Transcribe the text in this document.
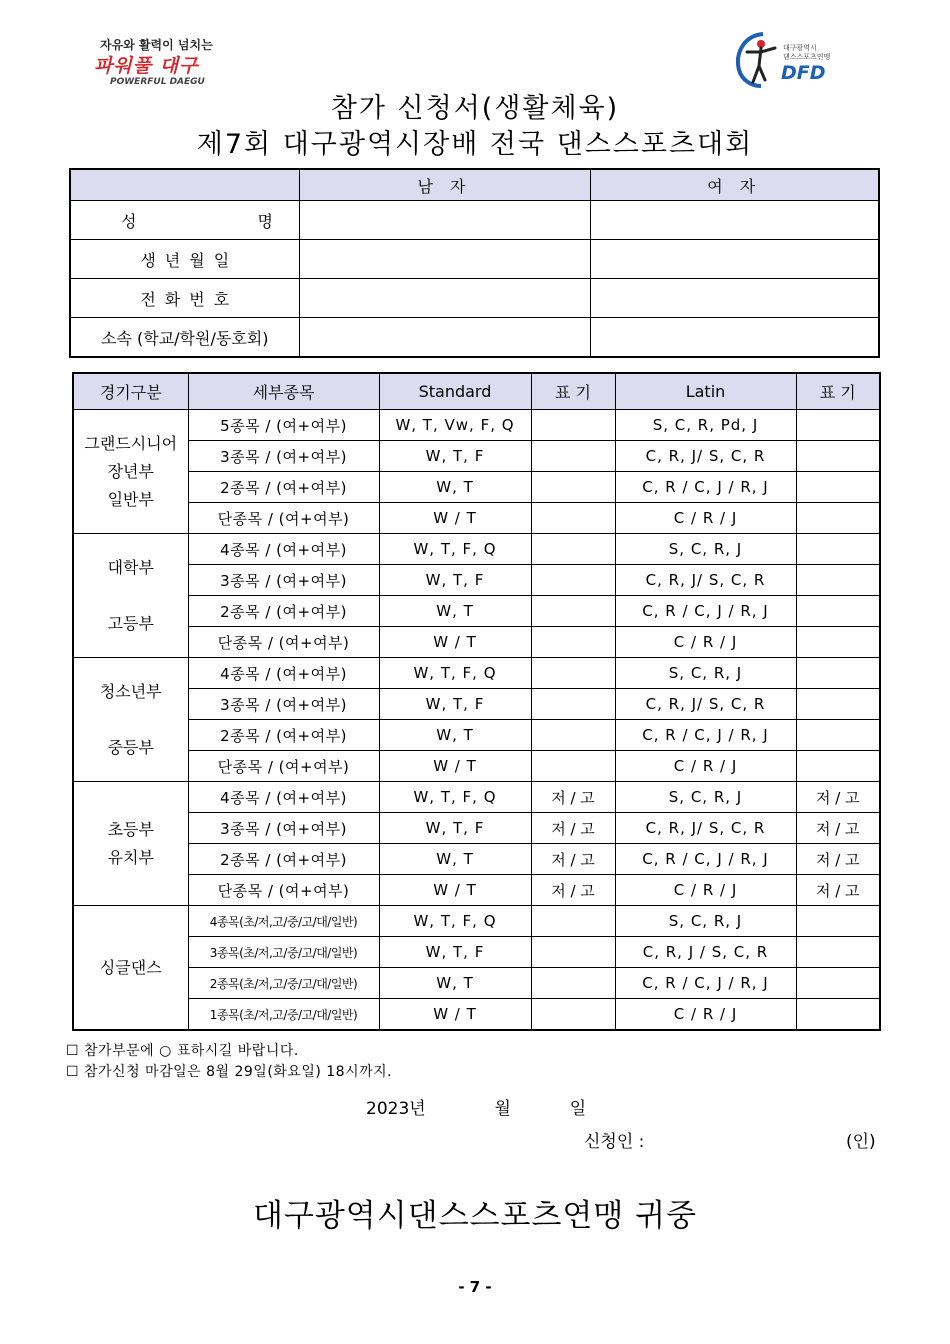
자유와 활력이 넘치는
파워풀 대구
POWERFUL DAEGU
대구광역시
댄스스포츠연맹
DFD
참가 신청서(생활체육)
제7회 대구광역시장배 전국 댄스스포츠대회
	남 자	여 자
성 명		
생년월일		
전화번호		
소속 (학교/학원/동호회)		
경기구분	세부종목	Standard	표 기	Latin	표 기

그랜드시니어
장년부
일반부	5종목 / (여+여부)	W, T, Vw, F, Q		S, C, R, Pd, J	
	3종목 / (여+여부)	W, T, F		C, R, J/ S, C, R	
	2종목 / (여+여부)	W, T		C, R / C, J / R, J	
	단종목 / (여+여부)	W / T		C / R / J	

대학부
고등부	4종목 / (여+여부)	W, T, F, Q		S, C, R, J	
	3종목 / (여+여부)	W, T, F		C, R, J/ S, C, R	
	2종목 / (여+여부)	W, T		C, R / C, J / R, J	
	단종목 / (여+여부)	W / T		C / R / J	

청소년부
중등부	4종목 / (여+여부)	W, T, F, Q		S, C, R, J	
	3종목 / (여+여부)	W, T, F		C, R, J/ S, C, R	
	2종목 / (여+여부)	W, T		C, R / C, J / R, J	
	단종목 / (여+여부)	W / T		C / R / J	

초등부
유치부	4종목 / (여+여부)	W, T, F, Q	저 / 고	S, C, R, J	저 / 고
	3종목 / (여+여부)	W, T, F	저 / 고	C, R, J/ S, C, R	저 / 고
	2종목 / (여+여부)	W, T	저 / 고	C, R / C, J / R, J	저 / 고
	단종목 / (여+여부)	W / T	저 / 고	C / R / J	저 / 고

싱글댄스	4종목(초/저,고/중/고/대/일반)	W, T, F, Q		S, C, R, J	
	3종목(초/저,고/중/고/대/일반)	W, T, F		C, R, J / S, C, R	
	2종목(초/저,고/중/고/대/일반)	W, T		C, R / C, J / R, J	
	1종목(초/저,고/중/고/대/일반)	W / T		C / R / J	
☐ 참가부문에 ○ 표하시길 바랍니다.
☐ 참가신청 마감일은 8월 29일(화요일) 18시까지.
2023년	월	일
신청인 :	(인)
대구광역시댄스스포츠연맹 귀중
- 7 -
